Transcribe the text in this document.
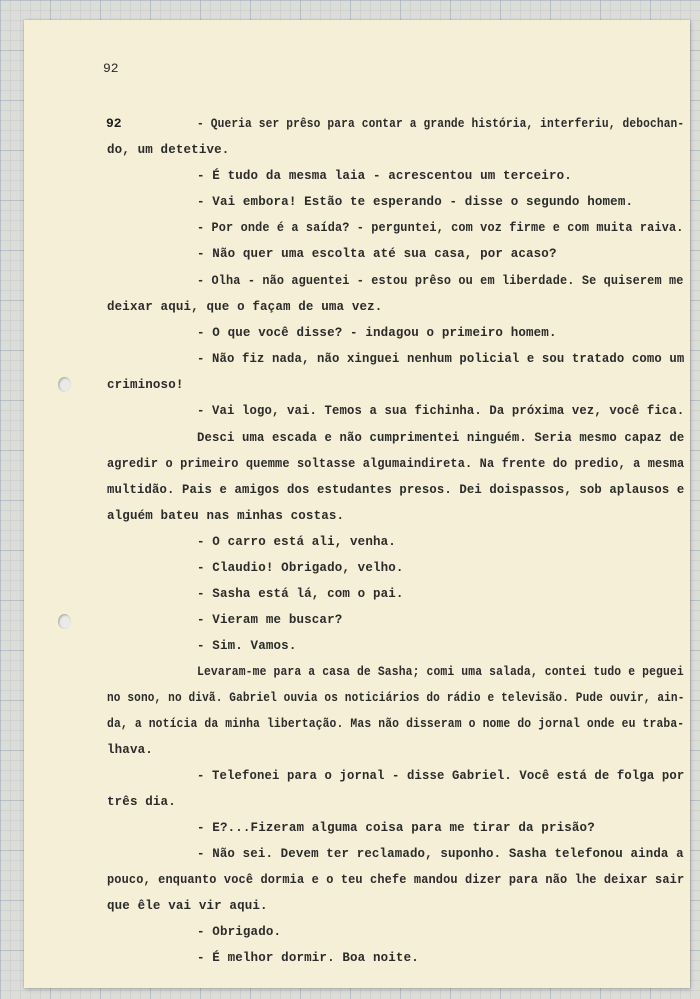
92
92	- Queria ser prêso para contar a grande história, interferiu, debochan-
do, um detetive.
- É tudo da mesma laia - acrescentou um terceiro.
- Vai embora! Estão te esperando - disse o segundo homem.
- Por onde é a saída? - perguntei, com voz firme e com muita raiva.
- Não quer uma escolta até sua casa, por acaso?
- Olha - não aguentei - estou prêso ou em liberdade. Se quiserem me
deixar aqui, que o façam de uma vez.
- O que você disse? - indagou o primeiro homem.
- Não fiz nada, não xinguei nenhum policial e sou tratado como um
criminoso!
- Vai logo, vai. Temos a sua fichinha. Da próxima vez, você fica.
Desci uma escada e não cumprimentei ninguém. Seria mesmo capaz de
agredir o primeiro quemme soltasse algumaindireta. Na frente do predio, a mesma
multidão. Pais e amigos dos estudantes presos. Dei doispassos, sob aplausos e
alguém bateu nas minhas costas.
- O carro está ali, venha.
- Claudio! Obrigado, velho.
- Sasha está lá, com o pai.
- Vieram me buscar?
- Sim. Vamos.
Levaram-me para a casa de Sasha; comi uma salada, contei tudo e peguei
no sono, no divã. Gabriel ouvia os noticiários do rádio e televisão. Pude ouvir, ain-
da, a notícia da minha libertação. Mas não disseram o nome do jornal onde eu traba-
lhava.
- Telefonei para o jornal - disse Gabriel. Você está de folga por
três dia.
- E?...Fizeram alguma coisa para me tirar da prisão?
- Não sei. Devem ter reclamado, suponho. Sasha telefonou ainda a
pouco, enquanto você dormia e o teu chefe mandou dizer para não lhe deixar sair
que êle vai vir aqui.
- Obrigado.
- É melhor dormir. Boa noite.
